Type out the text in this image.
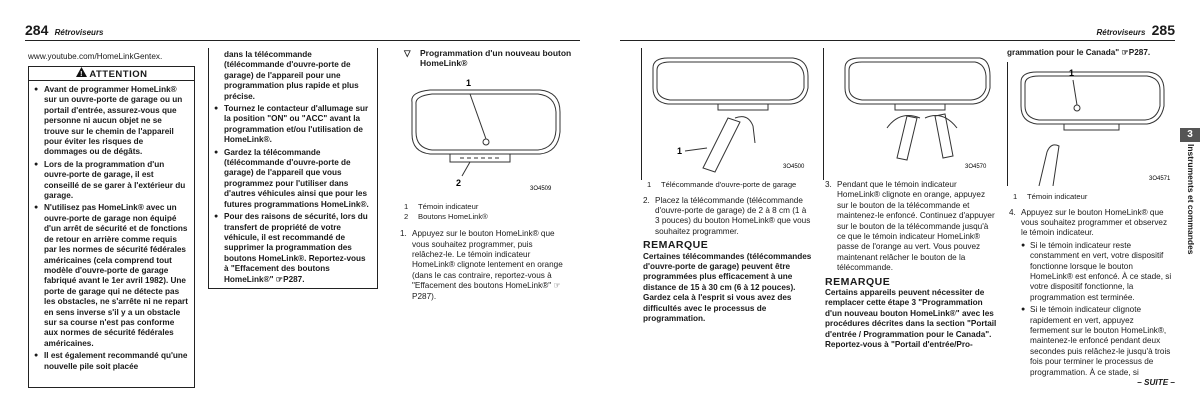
284 Rétroviseurs
www.youtube.com/HomeLinkGentex.
! ATTENTION

● Avant de programmer HomeLink® sur un ouvre-porte de garage ou un portail d'entrée, assurez-vous que personne ni aucun objet ne se trouve sur le chemin de l'appareil pour éviter les risques de dommages ou de dégâts.

● Lors de la programmation d'un ouvre-porte de garage, il est conseillé de se garer à l'extérieur du garage.

● N'utilisez pas HomeLink® avec un ouvre-porte de garage non équipé d'un arrêt de sécurité et de fonctions de retour en arrière comme requis par les normes de sécurité fédérales américaines (cela comprend tout modèle d'ouvre-porte de garage fabriqué avant le 1er avril 1982). Une porte de garage qui ne détecte pas les obstacles, ne s'arrête ni ne repart en sens inverse s'il y a un obstacle sur sa course n'est pas conforme aux normes de sécurité fédérales américaines.

● Il est également recommandé qu'une nouvelle pile soit placée

dans la télécommande (télécommande d'ouvre-porte de garage) de l'appareil pour une programmation plus rapide et plus précise.

● Tournez le contacteur d'allumage sur la position "ON" ou "ACC" avant la programmation et/ou l'utilisation de HomeLink®.

● Gardez la télécommande (télécommande d'ouvre-porte de garage) de l'appareil que vous programmez pour l'utiliser dans d'autres véhicules ainsi que pour les futures programmations HomeLink®.

● Pour des raisons de sécurité, lors du transfert de propriété de votre véhicule, il est recommandé de supprimer la programmation des boutons HomeLink®. Reportez-vous à "Effacement des boutons HomeLink®" ☞P287.

▽ Programmation d'un nouveau bouton HomeLink®
1
2
3O4509
1 Témoin indicateur
2 Boutons HomeLink®

1. Appuyez sur le bouton HomeLink® que vous souhaitez programmer, puis relâchez-le. Le témoin indicateur HomeLink® clignote lentement en orange (dans le cas contraire, reportez-vous à "Effacement des boutons HomeLink®" ☞P287).

Rétroviseurs 285
1
3O4500
1 Télécommande d'ouvre-porte de garage

2. Placez la télécommande (télécommande d'ouvre-porte de garage) de 2 à 8 cm (1 à 3 pouces) du bouton HomeLink® que vous souhaitez programmer.

REMARQUE

Certaines télécommandes (télécommandes d'ouvre-porte de garage) peuvent être programmées plus efficacement à une distance de 15 à 30 cm (6 à 12 pouces). Gardez cela à l'esprit si vous avez des difficultés avec le processus de programmation.

3O4570

3. Pendant que le témoin indicateur HomeLink® clignote en orange, appuyez sur le bouton de la télécommande et maintenez-le enfoncé. Continuez d'appuyer sur le bouton de la télécommande jusqu'à ce que le témoin indicateur HomeLink® passe de l'orange au vert. Vous pouvez maintenant relâcher le bouton de la télécommande.

REMARQUE

Certains appareils peuvent nécessiter de remplacer cette étape 3 "Programmation d'un nouveau bouton HomeLink®" avec les procédures décrites dans la section "Portail d'entrée / Programmation pour le Canada". Reportez-vous à "Portail d'entrée/Pro-

grammation pour le Canada" ☞P287.
1
3O4571
1 Témoin indicateur

4. Appuyez sur le bouton HomeLink® que vous souhaitez programmer et observez le témoin indicateur.

● Si le témoin indicateur reste constamment en vert, votre dispositif fonctionne lorsque le bouton HomeLink® est enfoncé. À ce stade, si votre dispositif fonctionne, la programmation est terminée.

● Si le témoin indicateur clignote rapidement en vert, appuyez fermement sur le bouton HomeLink®, maintenez-le enfoncé pendant deux secondes puis relâchez-le jusqu'à trois fois pour terminer le processus de programmation. À ce stade, si

– SUITE –
3
Instruments et commandes
